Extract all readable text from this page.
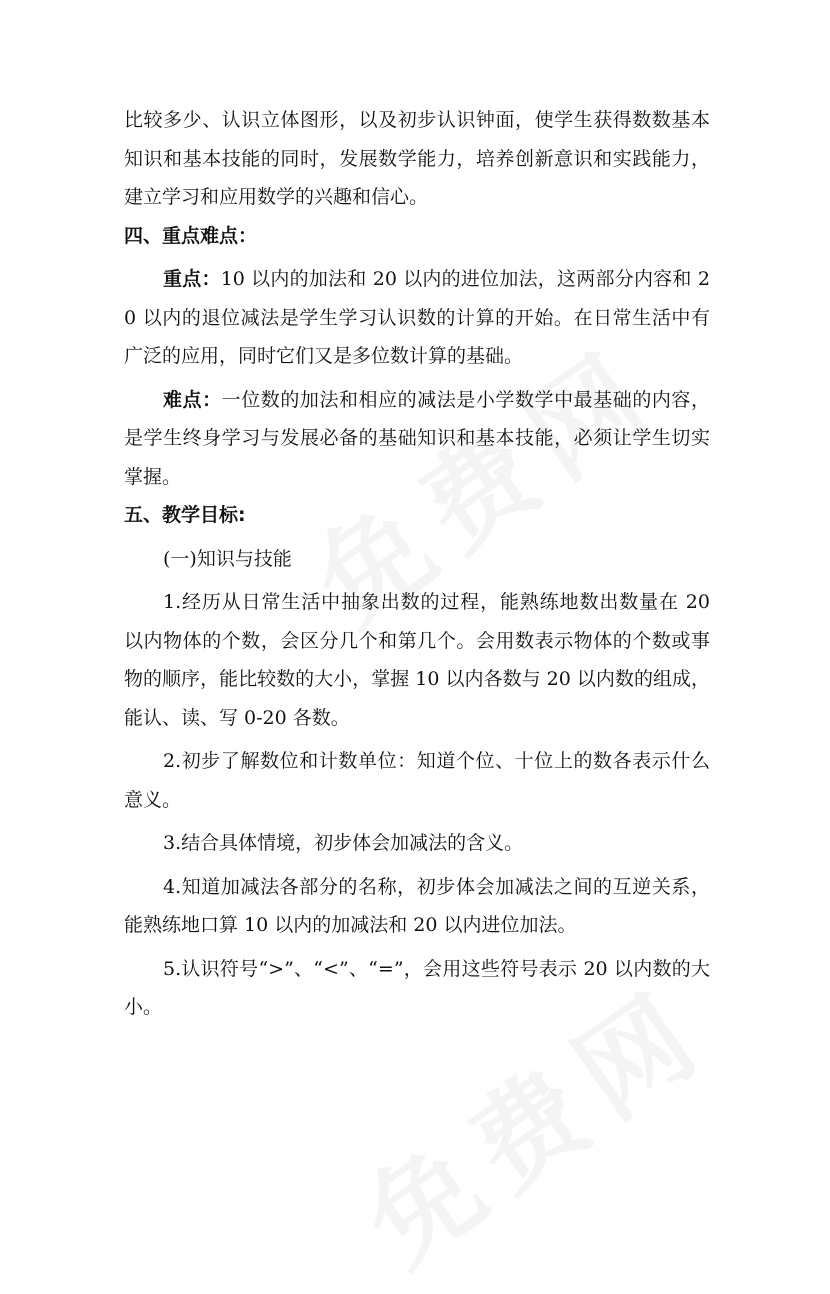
比较多少、认识立体图形，以及初步认识钟面，使学生获得数数基本知识和基本技能的同时，发展数学能力，培养创新意识和实践能力，建立学习和应用数学的兴趣和信心。

四、重点难点：

重点：10 以内的加法和 20 以内的进位加法，这两部分内容和 20 以内的退位减法是学生学习认识数的计算的开始。在日常生活中有广泛的应用，同时它们又是多位数计算的基础。

难点：一位数的加法和相应的减法是小学数学中最基础的内容，是学生终身学习与发展必备的基础知识和基本技能，必须让学生切实掌握。

五、教学目标:

(一)知识与技能

1.经历从日常生活中抽象出数的过程，能熟练地数出数量在 20 以内物体的个数，会区分几个和第几个。会用数表示物体的个数或事物的顺序，能比较数的大小，掌握 10 以内各数与 20 以内数的组成，能认、读、写 0-20 各数。

2.初步了解数位和计数单位：知道个位、十位上的数各表示什么意义。

3.结合具体情境，初步体会加减法的含义。

4.知道加减法各部分的名称，初步体会加减法之间的互逆关系，能熟练地口算 10 以内的加减法和 20 以内进位加法。

5.认识符号“>”、“<”、“=”，会用这些符号表示 20 以内数的大小。
